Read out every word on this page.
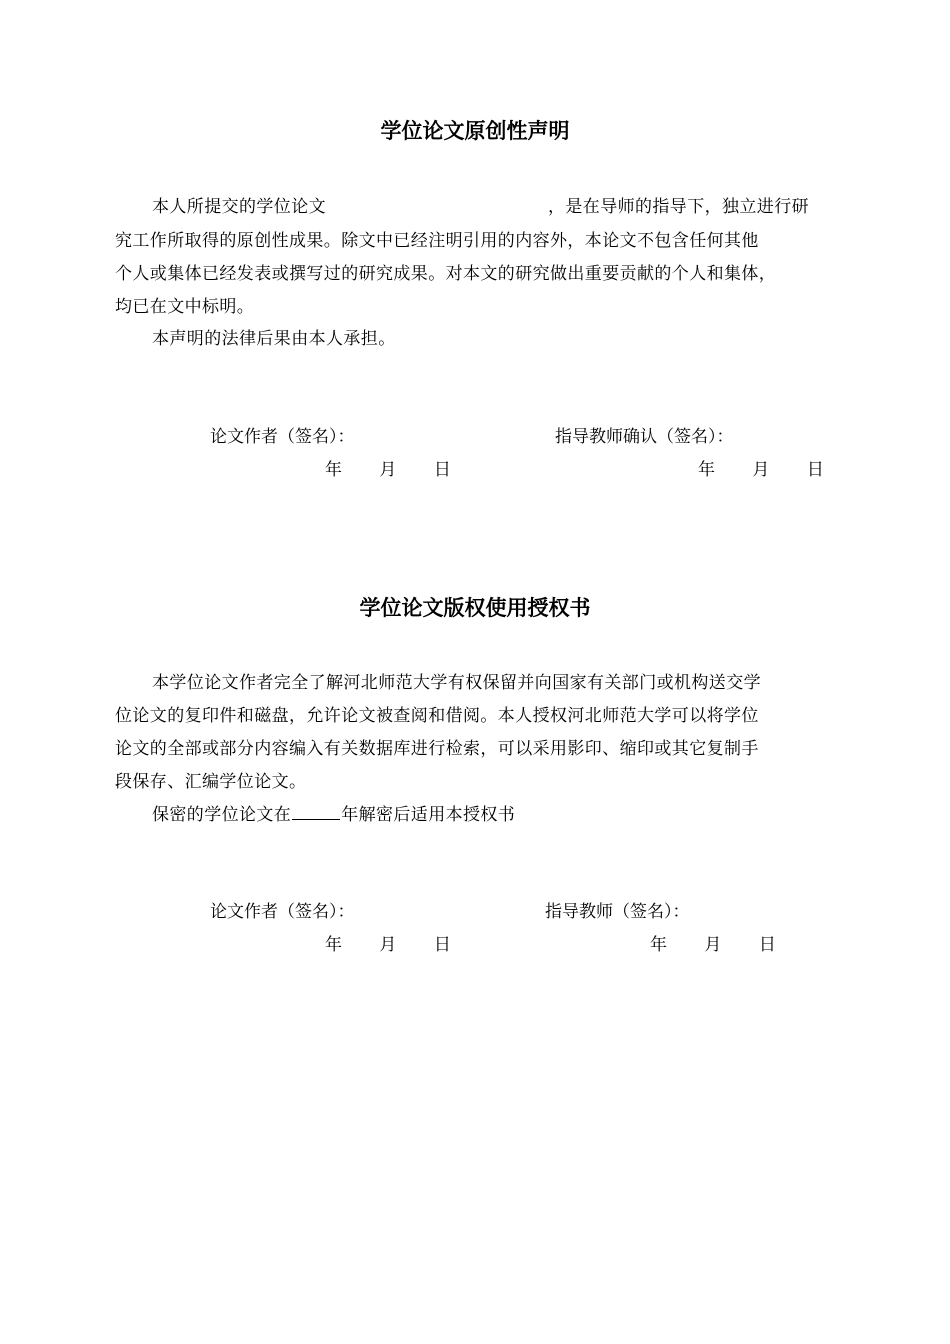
学位论文原创性声明
本人所提交的学位论文	，是在导师的指导下，独立进行研
究工作所取得的原创性成果。除文中已经注明引用的内容外，本论文不包含任何其他
个人或集体已经发表或撰写过的研究成果。对本文的研究做出重要贡献的个人和集体，
均已在文中标明。
本声明的法律后果由本人承担。
论文作者（签名）：	指导教师确认（签名）：
年 月 日	年 月 日
学位论文版权使用授权书
本学位论文作者完全了解河北师范大学有权保留并向国家有关部门或机构送交学
位论文的复印件和磁盘，允许论文被查阅和借阅。本人授权河北师范大学可以将学位
论文的全部或部分内容编入有关数据库进行检索，可以采用影印、缩印或其它复制手
段保存、汇编学位论文。
保密的学位论文在	年解密后适用本授权书
论文作者（签名）：	指导教师（签名）：
年 月 日	年 月 日
